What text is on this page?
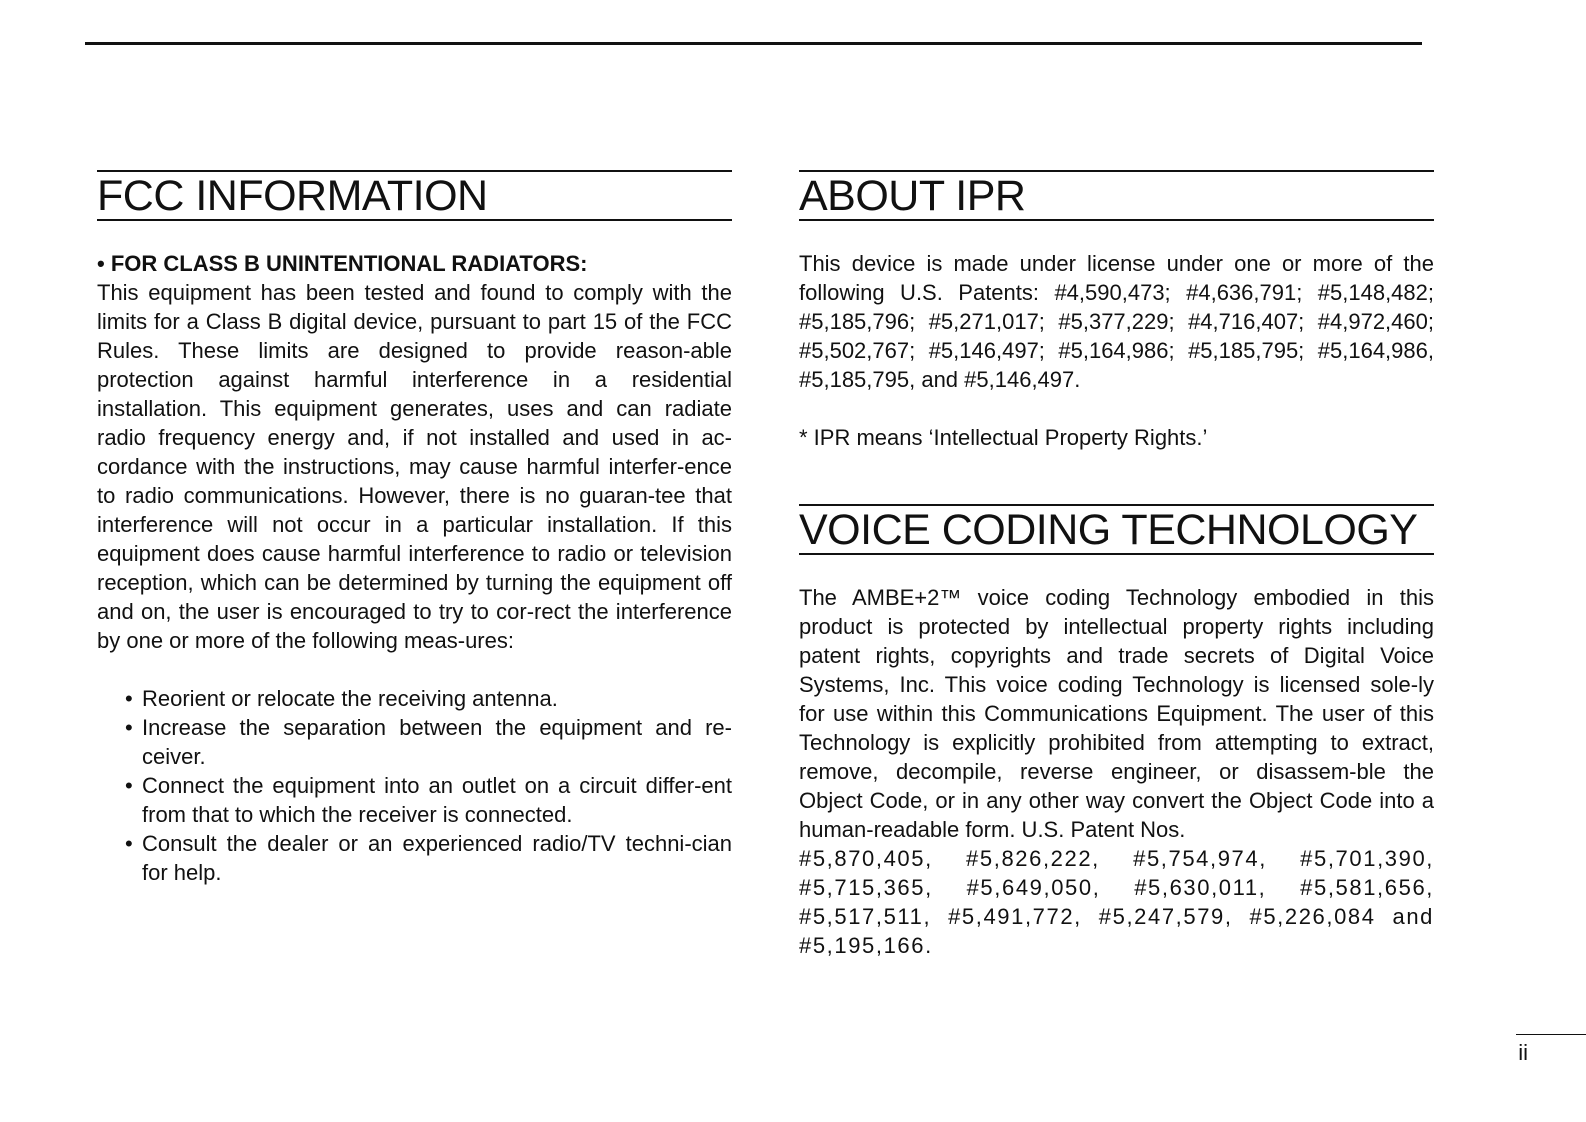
FCC INFORMATION
• FOR CLASS B UNINTENTIONAL RADIATORS:

This equipment has been tested and found to comply with the limits for a Class B digital device, pursuant to part 15 of the FCC Rules. These limits are designed to provide reason-able protection against harmful interference in a residential installation. This equipment generates, uses and can radiate radio frequency energy and, if not installed and used in ac-cordance with the instructions, may cause harmful interfer-ence to radio communications. However, there is no guaran-tee that interference will not occur in a particular installation. If this equipment does cause harmful interference to radio or television reception, which can be determined by turning the equipment off and on, the user is encouraged to try to cor-rect the interference by one or more of the following meas-ures:

• Reorient or relocate the receiving antenna.
• Increase the separation between the equipment and re-ceiver.
• Connect the equipment into an outlet on a circuit differ-ent from that to which the receiver is connected.
• Consult the dealer or an experienced radio/TV techni-cian for help.
ABOUT IPR

This device is made under license under one or more of the following U.S. Patents: #4,590,473; #4,636,791; #5,148,482; #5,185,796; #5,271,017; #5,377,229; #4,716,407; #4,972,460; #5,502,767; #5,146,497; #5,164,986; #5,185,795; #5,164,986, #5,185,795, and #5,146,497.

* IPR means ‘Intellectual Property Rights.’

VOICE CODING TECHNOLOGY

The AMBE+2™ voice coding Technology embodied in this product is protected by intellectual property rights including patent rights, copyrights and trade secrets of Digital Voice Systems, Inc. This voice coding Technology is licensed sole-ly for use within this Communications Equipment. The user of this Technology is explicitly prohibited from attempting to extract, remove, decompile, reverse engineer, or disassem-ble the Object Code, or in any other way convert the Object Code into a human-readable form. U.S. Patent Nos.

#5,870,405, #5,826,222, #5,754,974, #5,701,390, #5,715,365, #5,649,050, #5,630,011, #5,581,656, #5,517,511, #5,491,772, #5,247,579, #5,226,084 and #5,195,166.

ii
